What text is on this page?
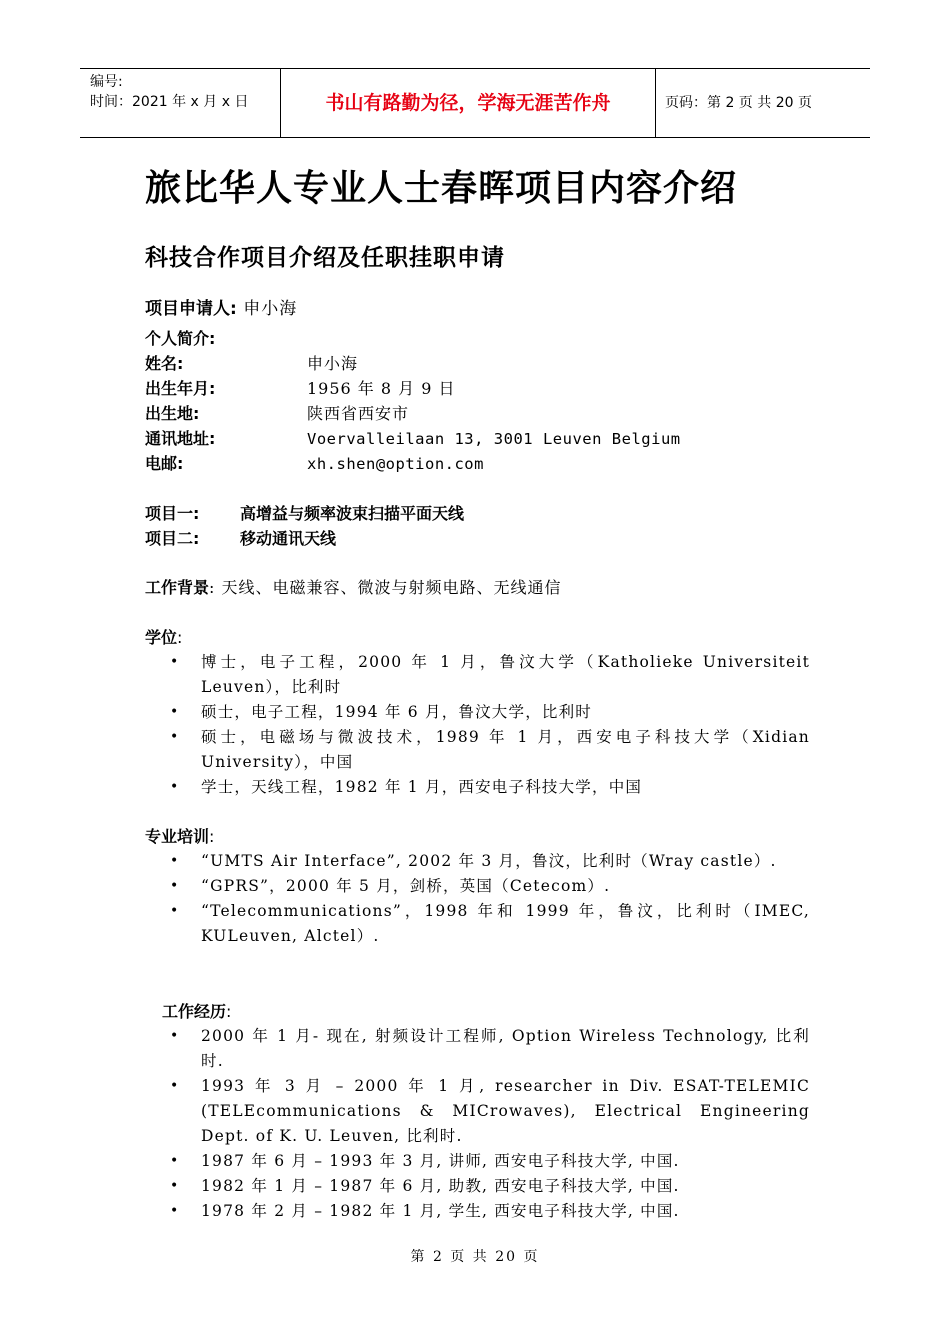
编号:
时间：2021 年 x 月 x 日	书山有路勤为径，学海无涯苦作舟	页码：第 2 页 共 20 页
旅比华人专业人士春晖项目内容介绍
科技合作项目介绍及任职挂职申请
项目申请人: 申小海
个人简介:
姓名:	申小海
出生年月:	1956 年 8 月 9 日
出生地:	陕西省西安市
通讯地址:	Voervalleilaan 13, 3001 Leuven Belgium
电邮:	xh.shen@option.com
项目一:	高增益与频率波束扫描平面天线
项目二:	移动通讯天线
工作背景: 天线、电磁兼容、微波与射频电路、无线通信
学位:
• 博士，电子工程，2000 年 1 月，鲁汶大学（Katholieke Universiteit Leuven），比利时
• 硕士，电子工程，1994 年 6 月，鲁汶大学，比利时
• 硕士，电磁场与微波技术，1989 年 1 月，西安电子科技大学（Xidian University），中国
• 学士，天线工程，1982 年 1 月，西安电子科技大学，中国
专业培训:
• “UMTS Air Interface”, 2002 年 3 月，鲁汶，比利时（Wray castle）.
• “GPRS”，2000 年 5 月，剑桥，英国（Cetecom）.
• “Telecommunications”，1998 年和 1999 年，鲁汶，比利时（IMEC, KULeuven, Alctel）.
工作经历:
• 2000 年 1 月- 现在, 射频设计工程师, Option Wireless Technology, 比利时.
• 1993 年 3 月 – 2000 年 1 月, researcher in Div. ESAT-TELEMIC (TELEcommunications & MICrowaves), Electrical Engineering Dept. of K. U. Leuven, 比利时.
• 1987 年 6 月 – 1993 年 3 月, 讲师, 西安电子科技大学, 中国.
• 1982 年 1 月 – 1987 年 6 月, 助教, 西安电子科技大学, 中国.
• 1978 年 2 月 – 1982 年 1 月, 学生, 西安电子科技大学, 中国.
第 2 页 共 20 页
